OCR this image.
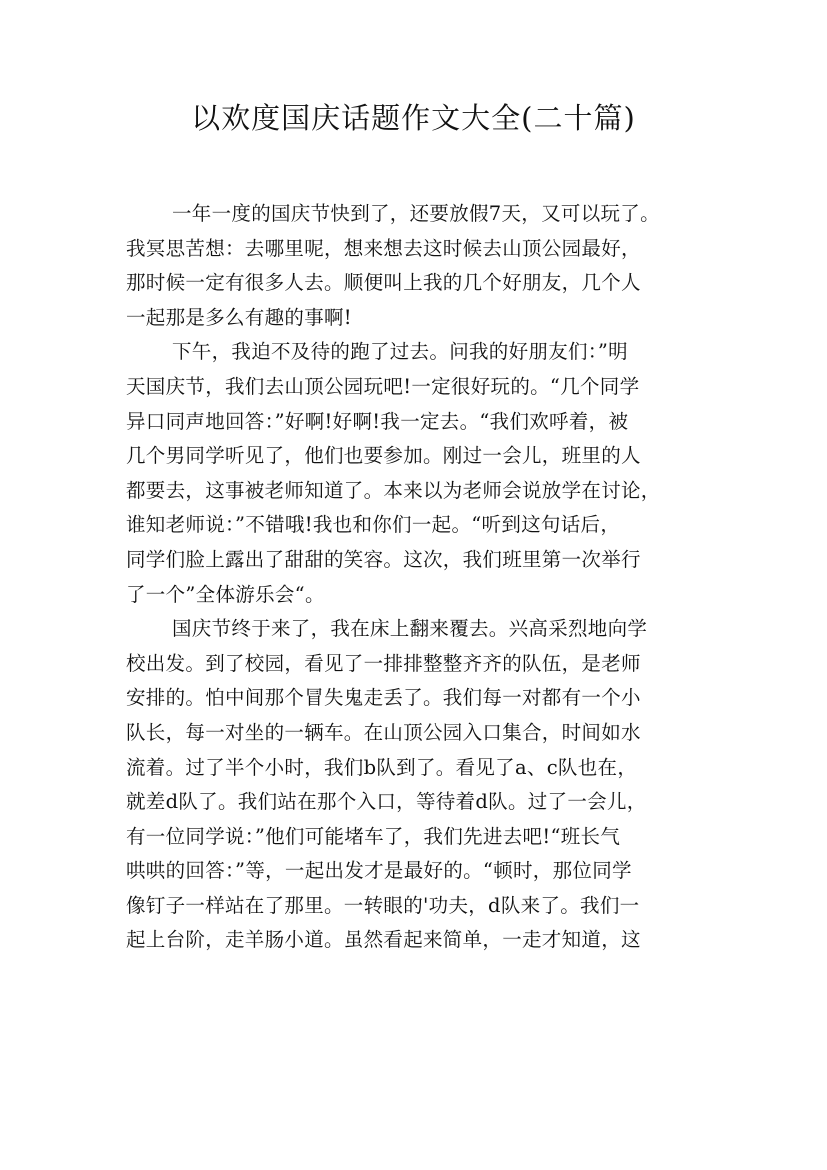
以欢度国庆话题作文大全(二十篇)
一年一度的国庆节快到了，还要放假7天，又可以玩了。
我冥思苦想：去哪里呢，想来想去这时候去山顶公园最好，
那时候一定有很多人去。顺便叫上我的几个好朋友，几个人
一起那是多么有趣的事啊!
下午，我迫不及待的跑了过去。问我的好朋友们：”明
天国庆节，我们去山顶公园玩吧!一定很好玩的。“几个同学
异口同声地回答：”好啊!好啊!我一定去。“我们欢呼着，被
几个男同学听见了，他们也要参加。刚过一会儿，班里的人
都要去，这事被老师知道了。本来以为老师会说放学在讨论，
谁知老师说：”不错哦!我也和你们一起。“听到这句话后，
同学们脸上露出了甜甜的笑容。这次，我们班里第一次举行
了一个”全体游乐会“。
国庆节终于来了，我在床上翻来覆去。兴高采烈地向学
校出发。到了校园，看见了一排排整整齐齐的队伍，是老师
安排的。怕中间那个冒失鬼走丢了。我们每一对都有一个小
队长，每一对坐的一辆车。在山顶公园入口集合，时间如水
流着。过了半个小时，我们b队到了。看见了a、c队也在，
就差d队了。我们站在那个入口，等待着d队。过了一会儿，
有一位同学说：”他们可能堵车了，我们先进去吧!“班长气
哄哄的回答：”等，一起出发才是最好的。“顿时，那位同学
像钉子一样站在了那里。一转眼的'功夫，d队来了。我们一
起上台阶，走羊肠小道。虽然看起来简单，一走才知道，这
